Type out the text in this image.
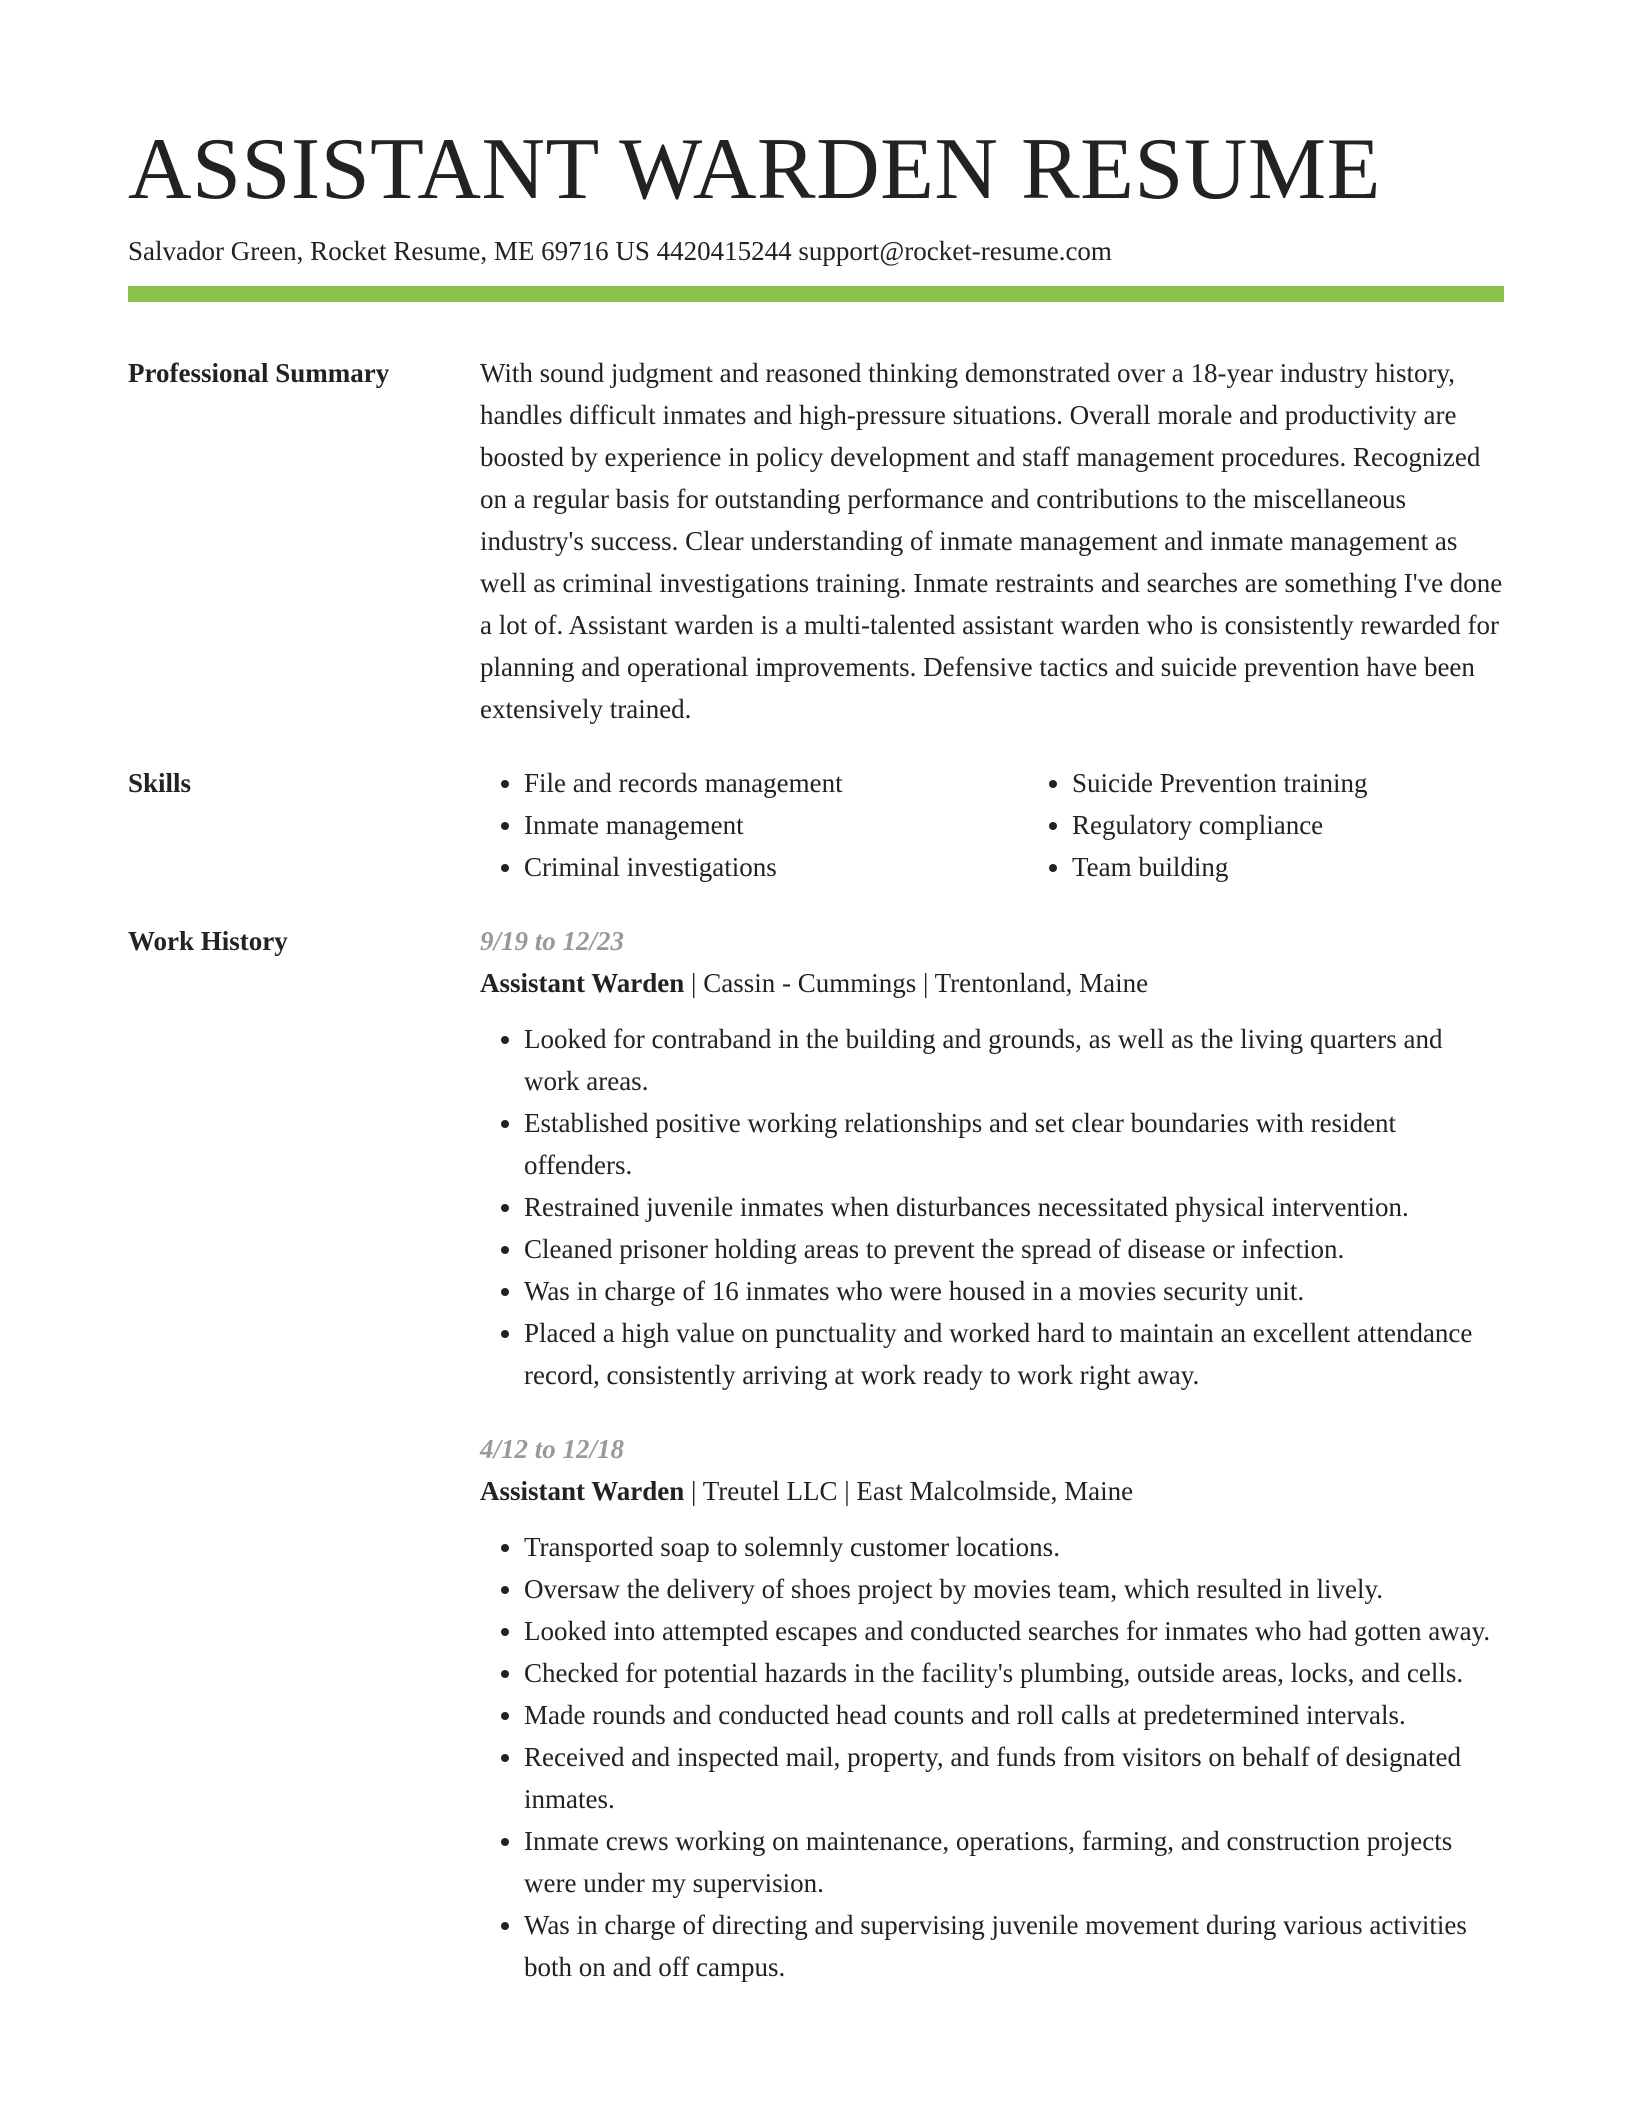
ASSISTANT WARDEN RESUME
Salvador Green, Rocket Resume, ME 69716 US 4420415244 support@rocket-resume.com
Professional Summary	With sound judgment and reasoned thinking demonstrated over a 18-year industry history, handles difficult inmates and high-pressure situations. Overall morale and productivity are boosted by experience in policy development and staff management procedures. Recognized on a regular basis for outstanding performance and contributions to the miscellaneous industry's success. Clear understanding of inmate management and inmate management as well as criminal investigations training. Inmate restraints and searches are something I've done a lot of. Assistant warden is a multi-talented assistant warden who is consistently rewarded for planning and operational improvements. Defensive tactics and suicide prevention have been extensively trained.

Skills
•	File and records management
• Inmate management
• Criminal investigations
• Suicide Prevention training
• Regulatory compliance
• Team building
Work History	9/19 to 12/23
Assistant Warden | Cassin - Cummings | Trentonland, Maine
• Looked for contraband in the building and grounds, as well as the living quarters and work areas.
• Established positive working relationships and set clear boundaries with resident offenders.
• Restrained juvenile inmates when disturbances necessitated physical intervention.
• Cleaned prisoner holding areas to prevent the spread of disease or infection.
• Was in charge of 16 inmates who were housed in a movies security unit.
• Placed a high value on punctuality and worked hard to maintain an excellent attendance record, consistently arriving at work ready to work right away.
4/12 to 12/18
Assistant Warden | Treutel LLC | East Malcolmside, Maine
• Transported soap to solemnly customer locations.
• Oversaw the delivery of shoes project by movies team, which resulted in lively.
• Looked into attempted escapes and conducted searches for inmates who had gotten away.
• Checked for potential hazards in the facility's plumbing, outside areas, locks, and cells.
• Made rounds and conducted head counts and roll calls at predetermined intervals.
• Received and inspected mail, property, and funds from visitors on behalf of designated inmates.
• Inmate crews working on maintenance, operations, farming, and construction projects were under my supervision.
• Was in charge of directing and supervising juvenile movement during various activities both on and off campus.
